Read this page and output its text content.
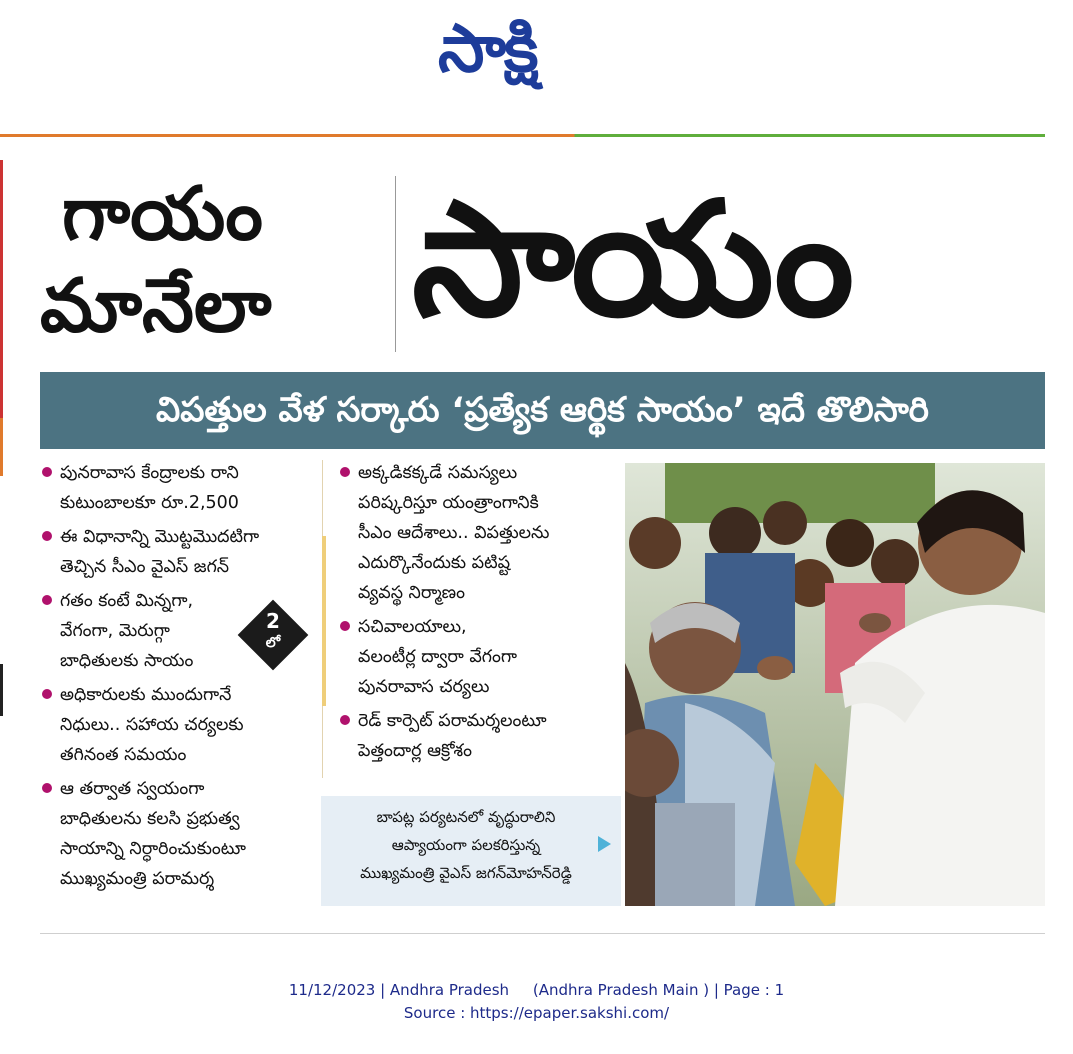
సాక్షి
గాయం
మానేలా సాయం
విపత్తుల వేళ సర్కారు ‘ప్రత్యేక ఆర్థిక సాయం’ ఇదే తొలిసారి
పునరావాస కేంద్రాలకు రాని
కుటుంబాలకూ రూ.2,500
ఈ విధానాన్ని మొట్టమొదటిగా
తెచ్చిన సీఎం వైఎస్‌ జగన్‌
గతం కంటే మిన్నగా,
వేగంగా, మెరుగ్గా
బాధితులకు సాయం
అధికారులకు ముందుగానే
నిధులు.. సహాయ చర్యలకు
తగినంత సమయం
ఆ తర్వాత స్వయంగా
బాధితులను కలసి ప్రభుత్వ
సాయాన్ని నిర్ధారించుకుంటూ
ముఖ్యమంత్రి పరామర్శ
2
లో
అక్కడికక్కడే సమస్యలు
పరిష్కరిస్తూ యంత్రాంగానికి
సీఎం ఆదేశాలు.. విపత్తులను
ఎదుర్కొనేందుకు పటిష్ట
వ్యవస్థ నిర్మాణం
సచివాలయాలు,
వలంటీర్ల ద్వారా వేగంగా
పునరావాస చర్యలు
రెడ్‌ కార్పెట్‌ పరామర్శలంటూ
పెత్తందార్ల ఆక్రోశం
బాపట్ల పర్యటనలో వృద్ధురాలిని
ఆప్యాయంగా పలకరిస్తున్న
ముఖ్యమంత్రి వైఎస్‌ జగన్‌మోహన్‌రెడ్డి
11/12/2023 | Andhra Pradesh     (Andhra Pradesh Main ) | Page : 1
Source : https://epaper.sakshi.com/
